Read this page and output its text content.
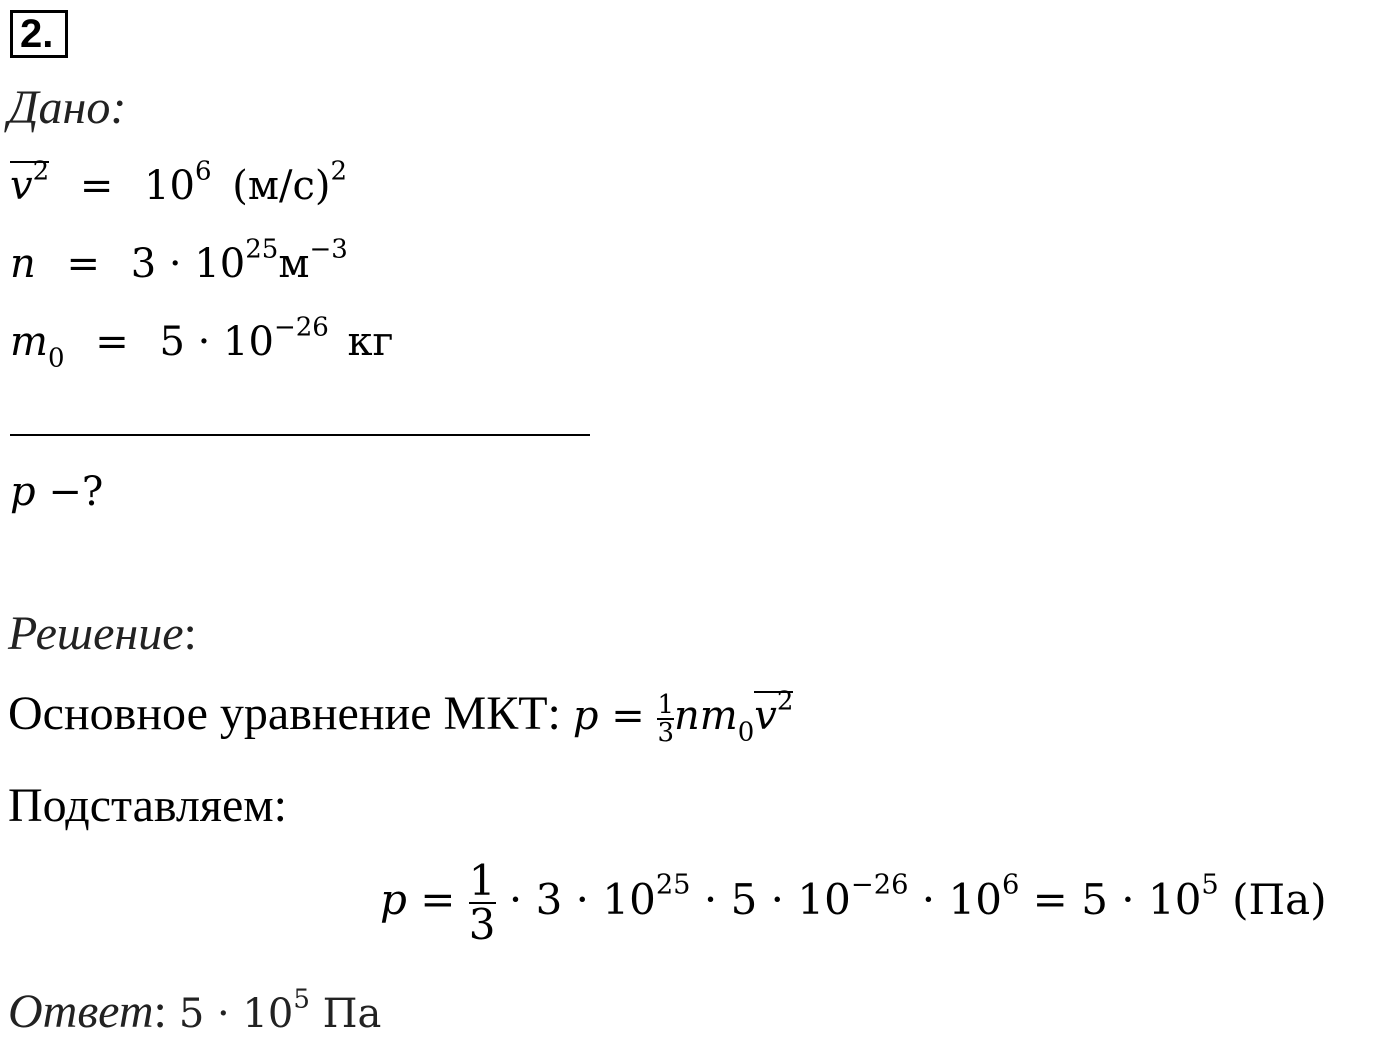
2.
Дано:
$v^2 = 10^6$ $(м/с)^2$
$n = 3 \cdot 10^{25}м^{-3}$
$m_0 = 5 \cdot 10^{-26}$ кг
p −?
Решение:
Основное уравнение МКТ: $p = \frac{1}{3} nm_0v^2$
Подставляем:
$p = \frac{1}{3} \cdot 3 \cdot 10^{25} \cdot 5 \cdot 10^{-26} \cdot 10^6 = 5 \cdot 10^5$ (Па)
Ответ: $5 \cdot 10^5$ Па
